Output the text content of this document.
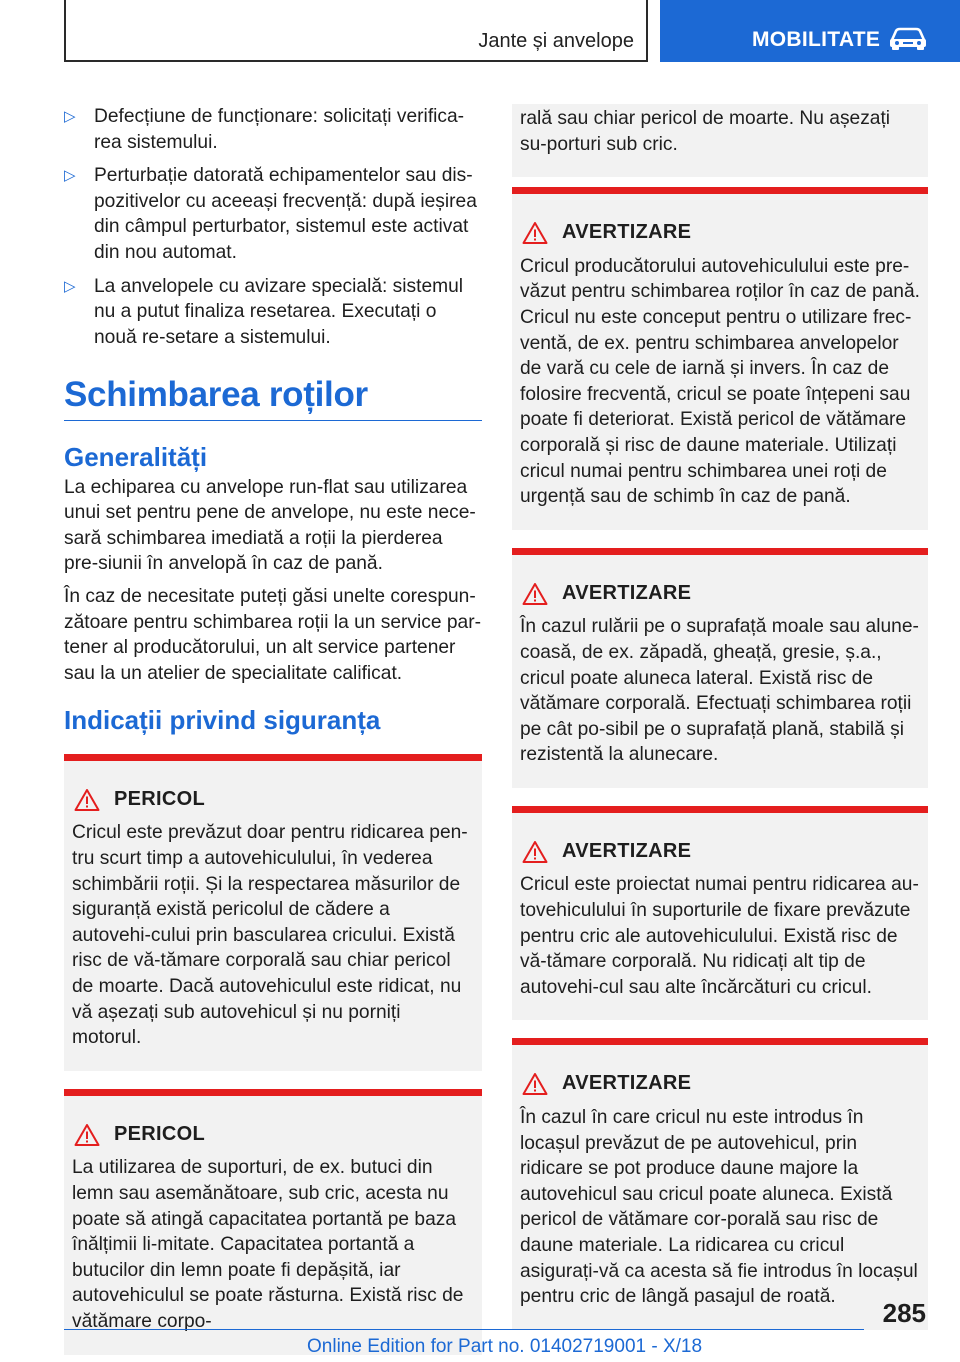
Jante și anvelope	MOBILITATE
▷ Defecțiune de funcționare: solicitați verifica-rea sistemului.
▷ Perturbație datorată echipamentelor sau dis-pozitivelor cu aceeași frecvență: după ieșirea din câmpul perturbator, sistemul este activat din nou automat.
▷ La anvelopele cu avizare specială: sistemul nu a putut finaliza resetarea. Executați o nouă re-setare a sistemului.
Schimbarea roților
Generalități
La echiparea cu anvelope run-flat sau utilizarea unui set pentru pene de anvelope, nu este nece-sară schimbarea imediată a roții la pierderea pre-siunii în anvelopă în caz de pană.
În caz de necesitate puteți găsi unelte corespun-zătoare pentru schimbarea roții la un service par-tener al producătorului, un alt service partener sau la un atelier de specialitate calificat.
Indicații privind siguranța
PERICOL
Cricul este prevăzut doar pentru ridicarea pen-tru scurt timp a autovehiculului, în vederea schimbării roții. Și la respectarea măsurilor de siguranță există pericolul de cădere a autovehi-cului prin bascularea cricului. Există risc de vă-tămare corporală sau chiar pericol de moarte. Dacă autovehiculul este ridicat, nu vă așezați sub autovehicul și nu porniți motorul.
PERICOL
La utilizarea de suporturi, de ex. butuci din lemn sau asemănătoare, sub cric, acesta nu poate să atingă capacitatea portantă pe baza înălțimii li-mitate. Capacitatea portantă a butucilor din lemn poate fi depășită, iar autovehiculul se poate răsturna. Există risc de vătămare corpo-
rală sau chiar pericol de moarte. Nu așezați su-porturi sub cric.
AVERTIZARE
Cricul producătorului autovehiculului este pre-văzut pentru schimbarea roților în caz de pană. Cricul nu este conceput pentru o utilizare frec-ventă, de ex. pentru schimbarea anvelopelor de vară cu cele de iarnă și invers. În caz de folosire frecventă, cricul se poate înțepeni sau poate fi deteriorat. Există pericol de vătămare corporală și risc de daune materiale. Utilizați cricul numai pentru schimbarea unei roți de urgență sau de schimb în caz de pană.
AVERTIZARE
În cazul rulării pe o suprafață moale sau alune-coasă, de ex. zăpadă, gheață, gresie, ș.a., cricul poate aluneca lateral. Există risc de vătămare corporală. Efectuați schimbarea roții pe cât po-sibil pe o suprafață plană, stabilă și rezistentă la alunecare.
AVERTIZARE
Cricul este proiectat numai pentru ridicarea au-tovehiculului în suporturile de fixare prevăzute pentru cric ale autovehiculului. Există risc de vă-tămare corporală. Nu ridicați alt tip de autovehi-cul sau alte încărcături cu cricul.
AVERTIZARE
În cazul în care cricul nu este introdus în locașul prevăzut de pe autovehicul, prin ridicare se pot produce daune majore la autovehicul sau cricul poate aluneca. Există pericol de vătămare cor-porală sau risc de daune materiale. La ridicarea cu cricul asigurați-vă ca acesta să fie introdus în locașul pentru cric de lângă pasajul de roată.
285
Online Edition for Part no. 01402719001 - X/18
